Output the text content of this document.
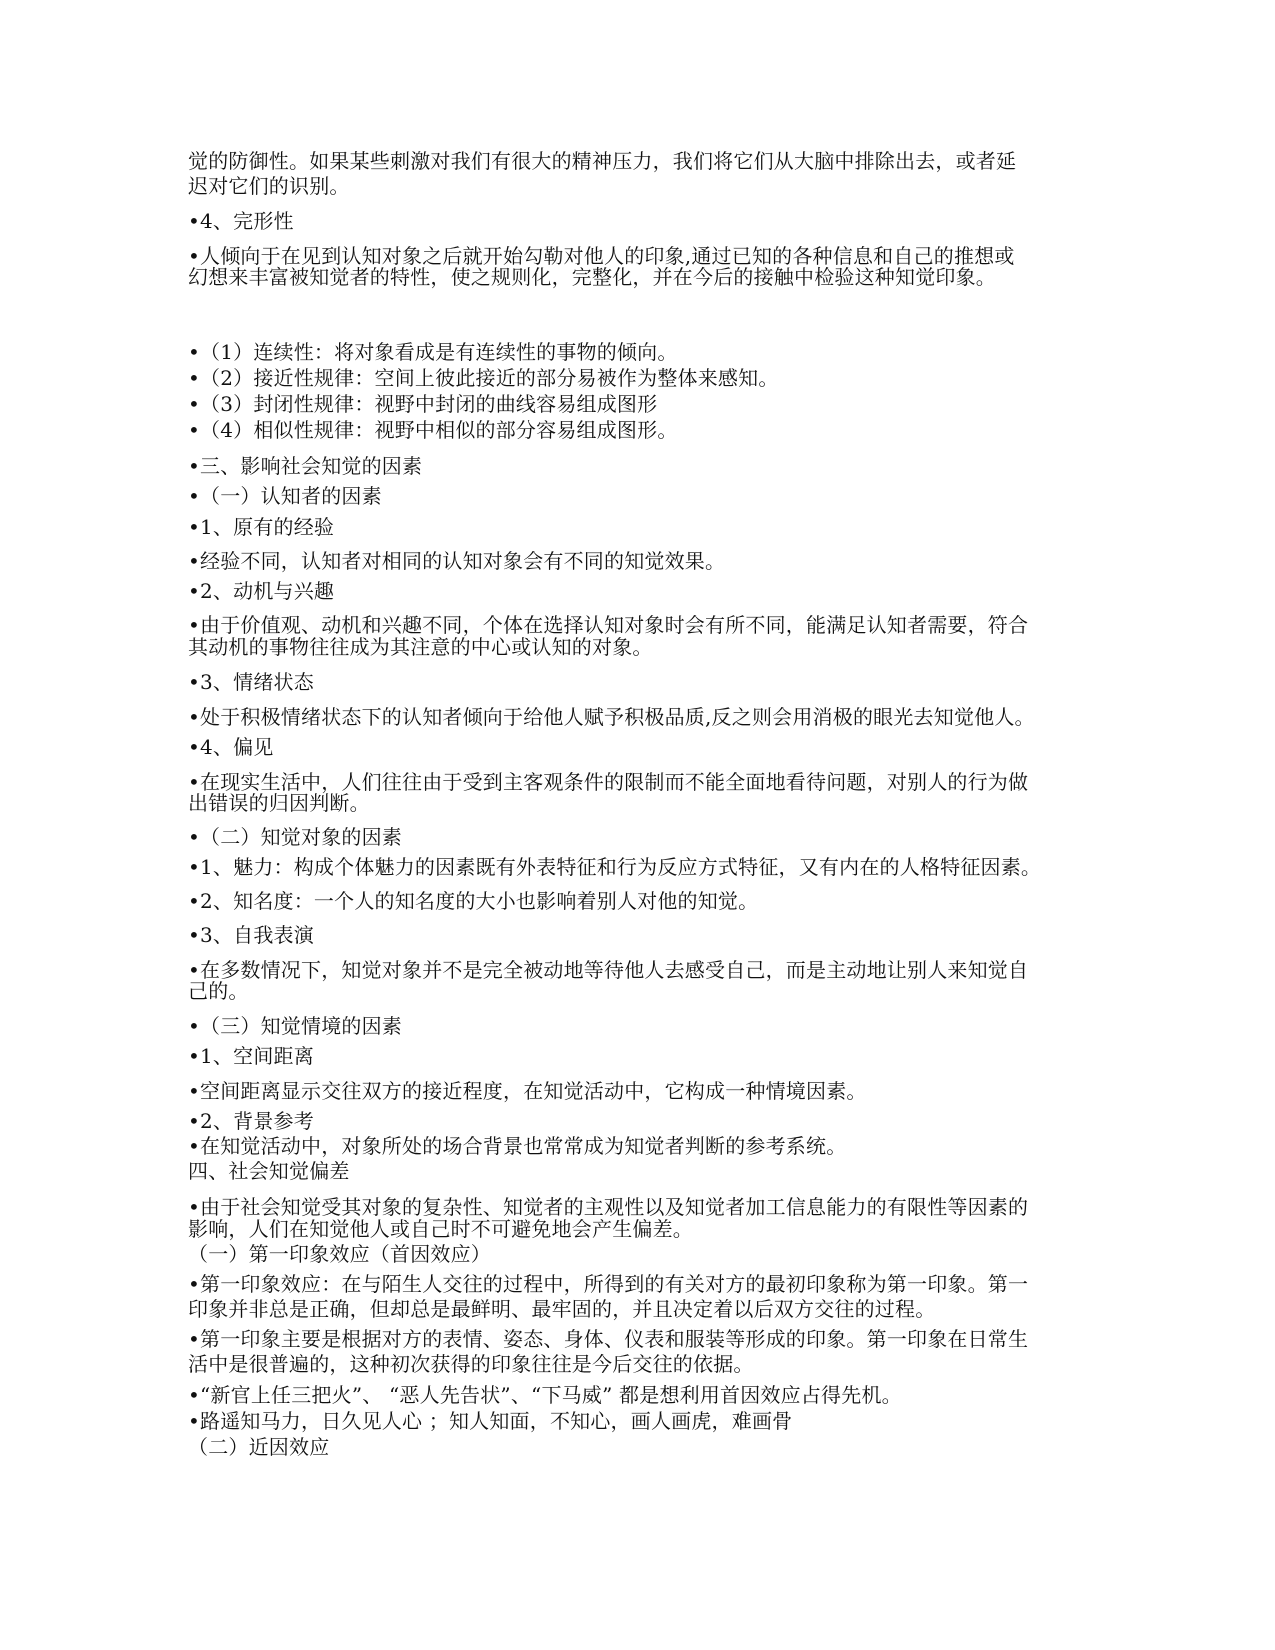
觉的防御性。如果某些刺激对我们有很大的精神压力，我们将它们从大脑中排除出去，或者延
迟对它们的识别。
•4、完形性
•人倾向于在见到认知对象之后就开始勾勒对他人的印象,通过已知的各种信息和自己的推想或
幻想来丰富被知觉者的特性，使之规则化，完整化，并在今后的接触中检验这种知觉印象。
•（1）连续性：将对象看成是有连续性的事物的倾向。
•（2）接近性规律：空间上彼此接近的部分易被作为整体来感知。
•（3）封闭性规律：视野中封闭的曲线容易组成图形
•（4）相似性规律：视野中相似的部分容易组成图形。
•三、影响社会知觉的因素
•（一）认知者的因素
•1、原有的经验
•经验不同，认知者对相同的认知对象会有不同的知觉效果。
•2、动机与兴趣
•由于价值观、动机和兴趣不同，个体在选择认知对象时会有所不同，能满足认知者需要，符合
其动机的事物往往成为其注意的中心或认知的对象。
•3、情绪状态
•处于积极情绪状态下的认知者倾向于给他人赋予积极品质,反之则会用消极的眼光去知觉他人。
•4、偏见
•在现实生活中，人们往往由于受到主客观条件的限制而不能全面地看待问题，对别人的行为做
出错误的归因判断。
•（二）知觉对象的因素
•1、魅力：构成个体魅力的因素既有外表特征和行为反应方式特征，又有内在的人格特征因素。
•2、知名度：一个人的知名度的大小也影响着别人对他的知觉。
•3、自我表演
•在多数情况下，知觉对象并不是完全被动地等待他人去感受自己，而是主动地让别人来知觉自
己的。
•（三）知觉情境的因素
•1、空间距离
•空间距离显示交往双方的接近程度，在知觉活动中，它构成一种情境因素。
•2、背景参考
•在知觉活动中，对象所处的场合背景也常常成为知觉者判断的参考系统。
四、社会知觉偏差
•由于社会知觉受其对象的复杂性、知觉者的主观性以及知觉者加工信息能力的有限性等因素的
影响，人们在知觉他人或自己时不可避免地会产生偏差。
（一）第一印象效应（首因效应）
•第一印象效应：在与陌生人交往的过程中，所得到的有关对方的最初印象称为第一印象。第一
印象并非总是正确，但却总是最鲜明、最牢固的，并且决定着以后双方交往的过程。
•第一印象主要是根据对方的表情、姿态、身体、仪表和服装等形成的印象。第一印象在日常生
活中是很普遍的，这种初次获得的印象往往是今后交往的依据。
•“新官上任三把火”、 “恶人先告状”、“下马威” 都是想利用首因效应占得先机。
•路遥知马力，日久见人心 ；知人知面，不知心，画人画虎，难画骨
（二）近因效应
